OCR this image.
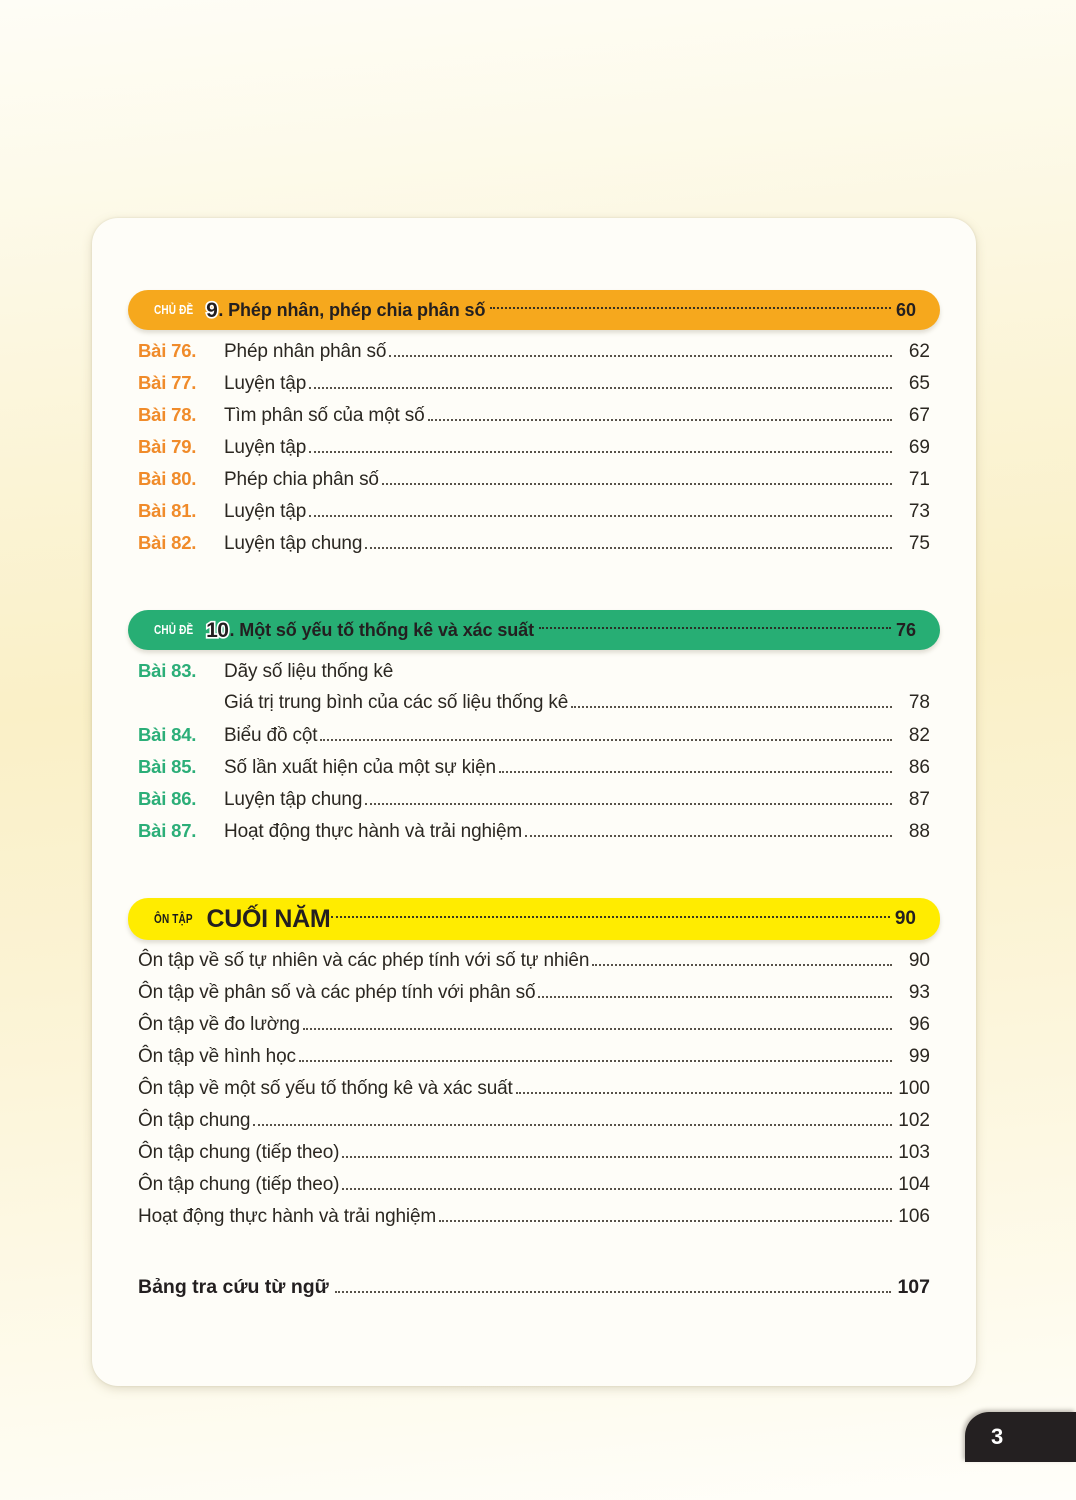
CHỦ ĐỀ 9 . Phép nhân, phép chia phân số	60
Bài 76.	Phép nhân phân số	62
Bài 77.	Luyện tập	65
Bài 78.	Tìm phân số của một số	67
Bài 79.	Luyện tập	69
Bài 80.	Phép chia phân số	71
Bài 81.	Luyện tập	73
Bài 82.	Luyện tập chung	75
CHỦ ĐỀ 10 . Một số yếu tố thống kê và xác suất	76
Bài 83.	Dãy số liệu thống kê
Giá trị trung bình của các số liệu thống kê	78
Bài 84.	Biểu đồ cột	82
Bài 85.	Số lần xuất hiện của một sự kiện	86
Bài 86.	Luyện tập chung	87
Bài 87.	Hoạt động thực hành và trải nghiệm	88
ÔN TẬP CUỐI NĂM	90
Ôn tập về số tự nhiên và các phép tính với số tự nhiên	90
Ôn tập về phân số và các phép tính với phân số	93
Ôn tập về đo lường	96
Ôn tập về hình học	99
Ôn tập về một số yếu tố thống kê và xác suất	100
Ôn tập chung	102
Ôn tập chung (tiếp theo)	103
Ôn tập chung (tiếp theo)	104
Hoạt động thực hành và trải nghiệm	106
Bảng tra cứu từ ngữ	107
3
